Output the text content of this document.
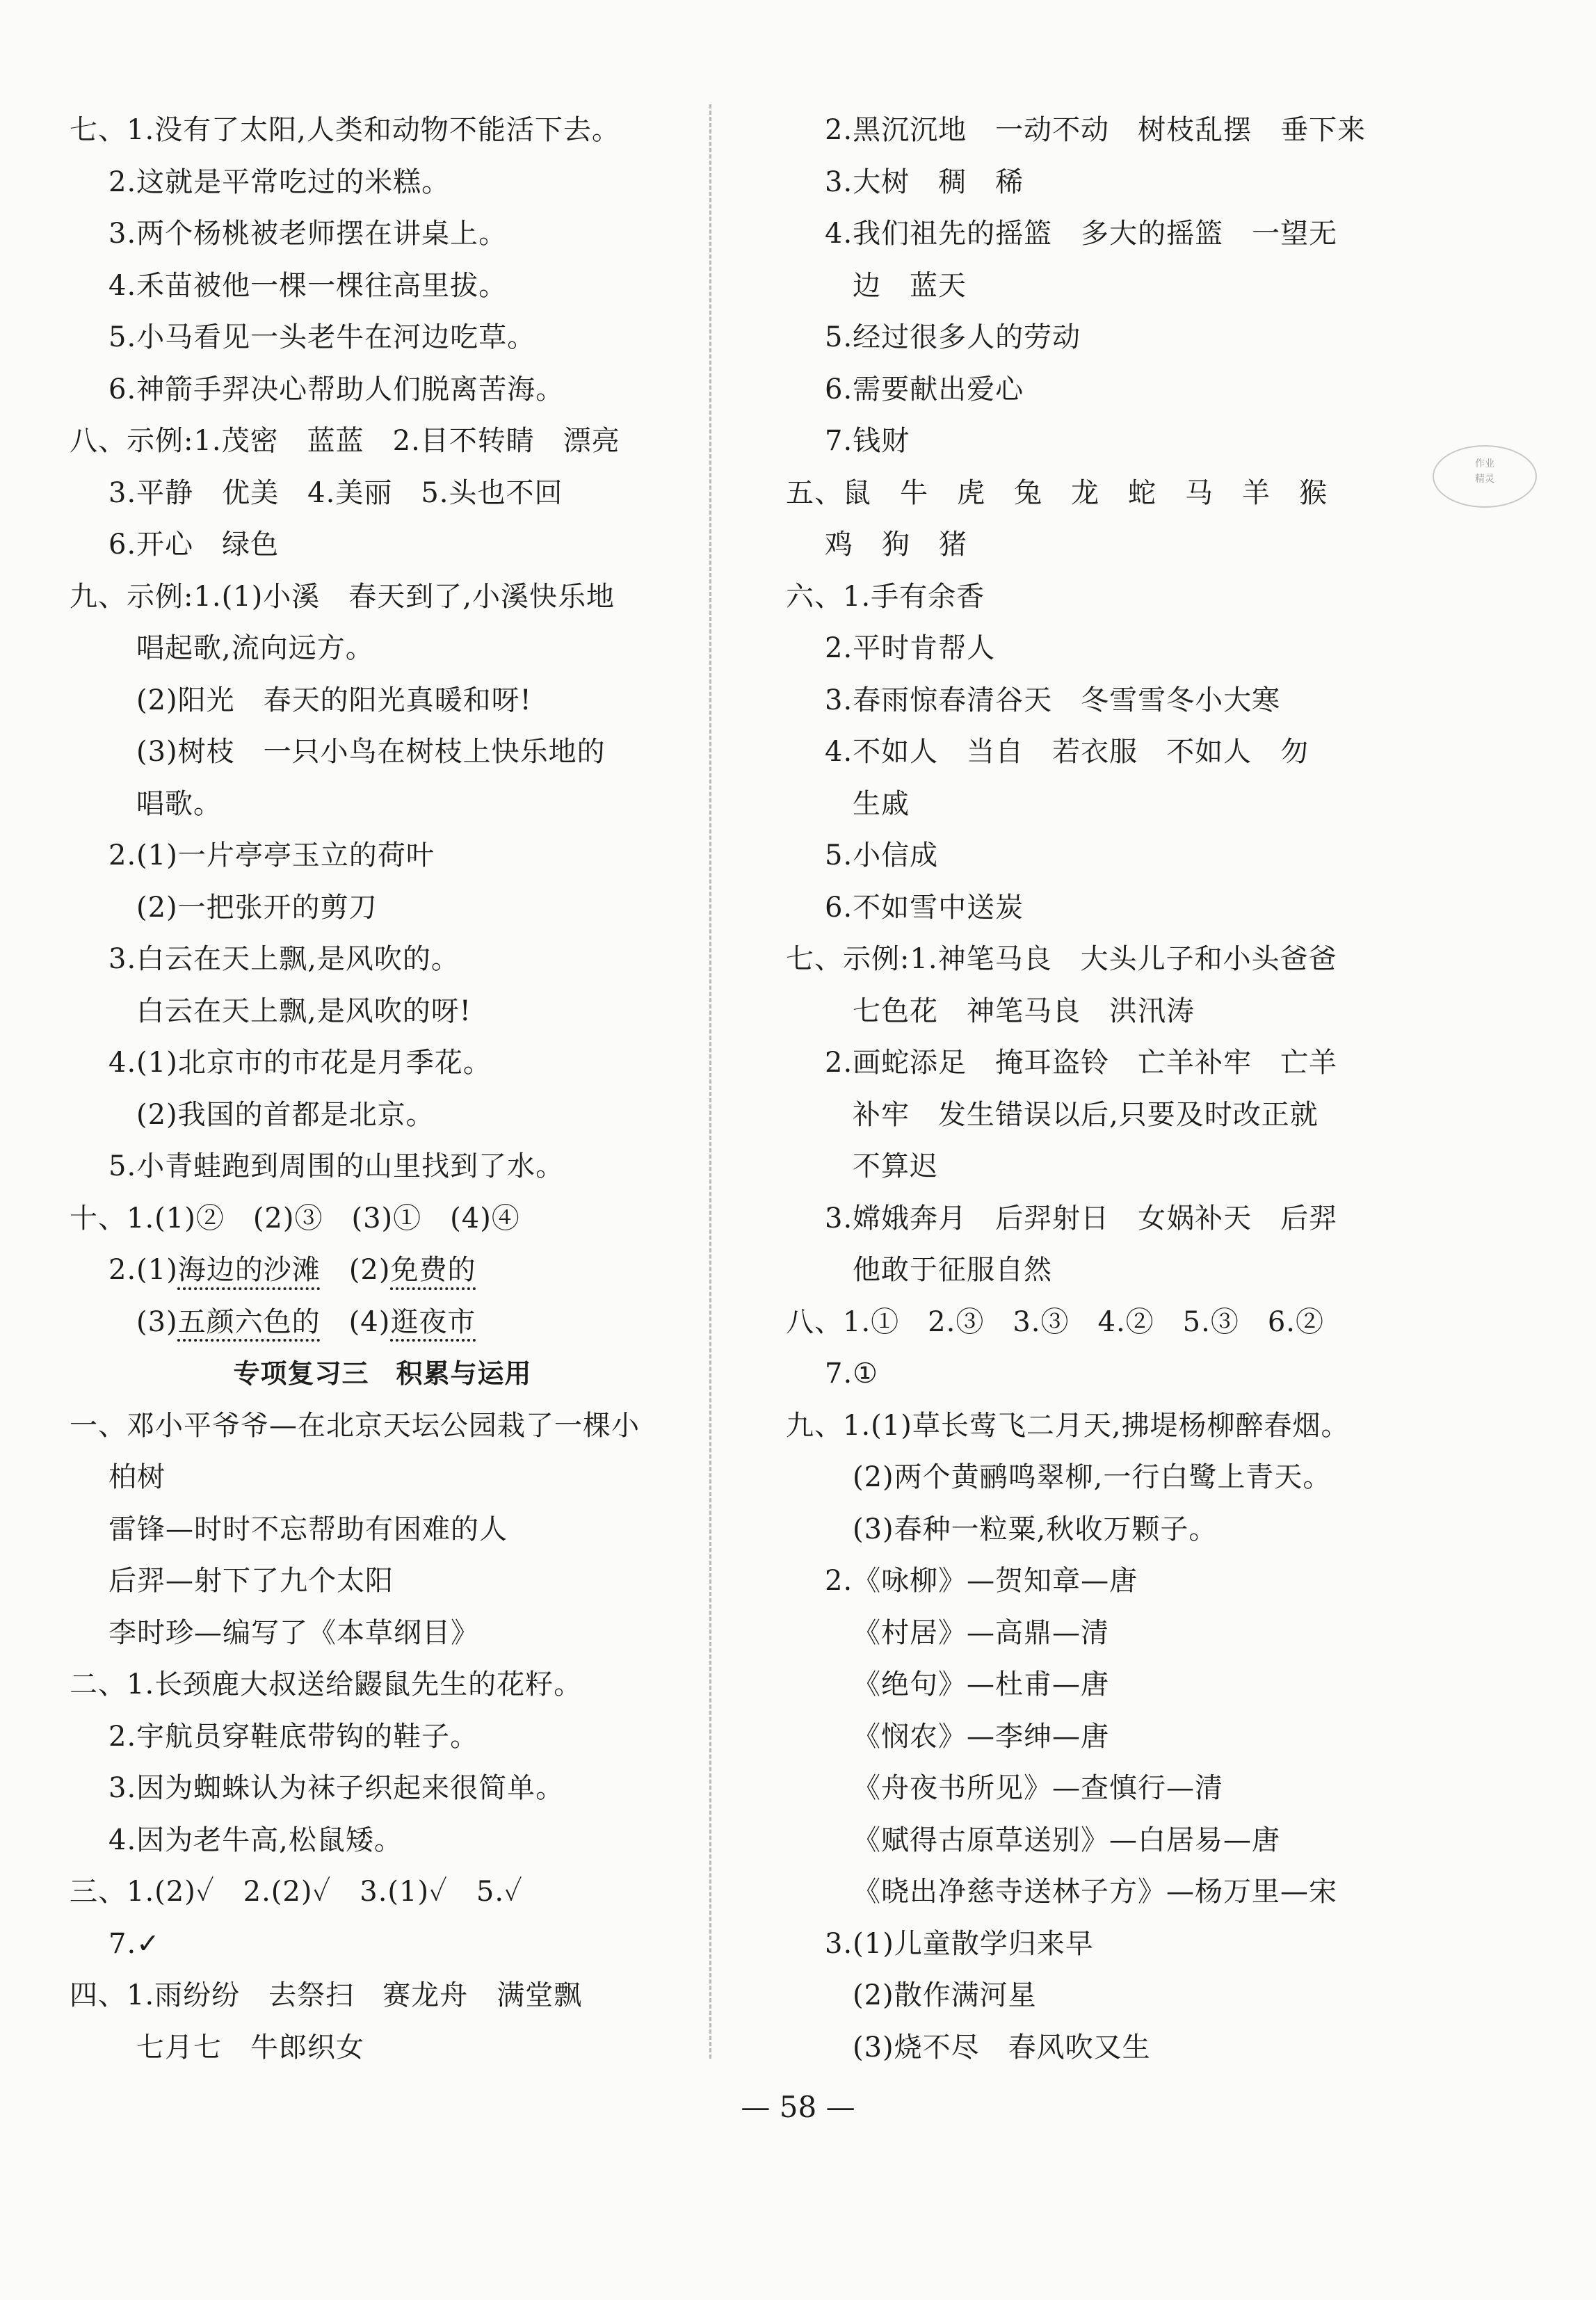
七、1.没有了太阳,人类和动物不能活下去。
2.这就是平常吃过的米糕。
3.两个杨桃被老师摆在讲桌上。
4.禾苗被他一棵一棵往高里拔。
5.小马看见一头老牛在河边吃草。
6.神箭手羿决心帮助人们脱离苦海。
八、示例:1.茂密　蓝蓝　2.目不转睛　漂亮
3.平静　优美　4.美丽　5.头也不回
6.开心　绿色
九、示例:1.(1)小溪　春天到了,小溪快乐地
唱起歌,流向远方。
(2)阳光　春天的阳光真暖和呀!
(3)树枝　一只小鸟在树枝上快乐地的
唱歌。
2.(1)一片亭亭玉立的荷叶
(2)一把张开的剪刀
3.白云在天上飘,是风吹的。
白云在天上飘,是风吹的呀!
4.(1)北京市的市花是月季花。
(2)我国的首都是北京。
5.小青蛙跑到周围的山里找到了水。
十、1.(1)②　(2)③　(3)①　(4)④
2.(1)海边的沙滩　(2)免费的
(3)五颜六色的　(4)逛夜市
专项复习三　积累与运用
一、邓小平爷爷—在北京天坛公园栽了一棵小
柏树
雷锋—时时不忘帮助有困难的人
后羿—射下了九个太阳
李时珍—编写了《本草纲目》
二、1.长颈鹿大叔送给鼹鼠先生的花籽。
2.宇航员穿鞋底带钩的鞋子。
3.因为蜘蛛认为袜子织起来很简单。
4.因为老牛高,松鼠矮。
三、1.(2)✓　2.(2)✓　3.(1)✓　5.✓
7.✓
四、1.雨纷纷　去祭扫　赛龙舟　满堂飘
七月七　牛郎织女
2.黑沉沉地　一动不动　树枝乱摆　垂下来
3.大树　稠　稀
4.我们祖先的摇篮　多大的摇篮　一望无
边　蓝天
5.经过很多人的劳动
6.需要献出爱心
7.钱财
五、鼠　牛　虎　兔　龙　蛇　马　羊　猴
鸡　狗　猪
六、1.手有余香
2.平时肯帮人
3.春雨惊春清谷天　冬雪雪冬小大寒
4.不如人　当自　若衣服　不如人　勿
生戚
5.小信成
6.不如雪中送炭
七、示例:1.神笔马良　大头儿子和小头爸爸
七色花　神笔马良　洪汛涛
2.画蛇添足　掩耳盗铃　亡羊补牢　亡羊
补牢　发生错误以后,只要及时改正就
不算迟
3.嫦娥奔月　后羿射日　女娲补天　后羿
他敢于征服自然
八、1.①　2.③　3.③　4.②　5.③　6.②
7.①
九、1.(1)草长莺飞二月天,拂堤杨柳醉春烟。
(2)两个黄鹂鸣翠柳,一行白鹭上青天。
(3)春种一粒粟,秋收万颗子。
2.《咏柳》—贺知章—唐
《村居》—高鼎—清
《绝句》—杜甫—唐
《悯农》—李绅—唐
《舟夜书所见》—查慎行—清
《赋得古原草送别》—白居易—唐
《晓出净慈寺送林子方》—杨万里—宋
3.(1)儿童散学归来早
(2)散作满河星
(3)烧不尽　春风吹又生
作业
精灵
— 58 —
